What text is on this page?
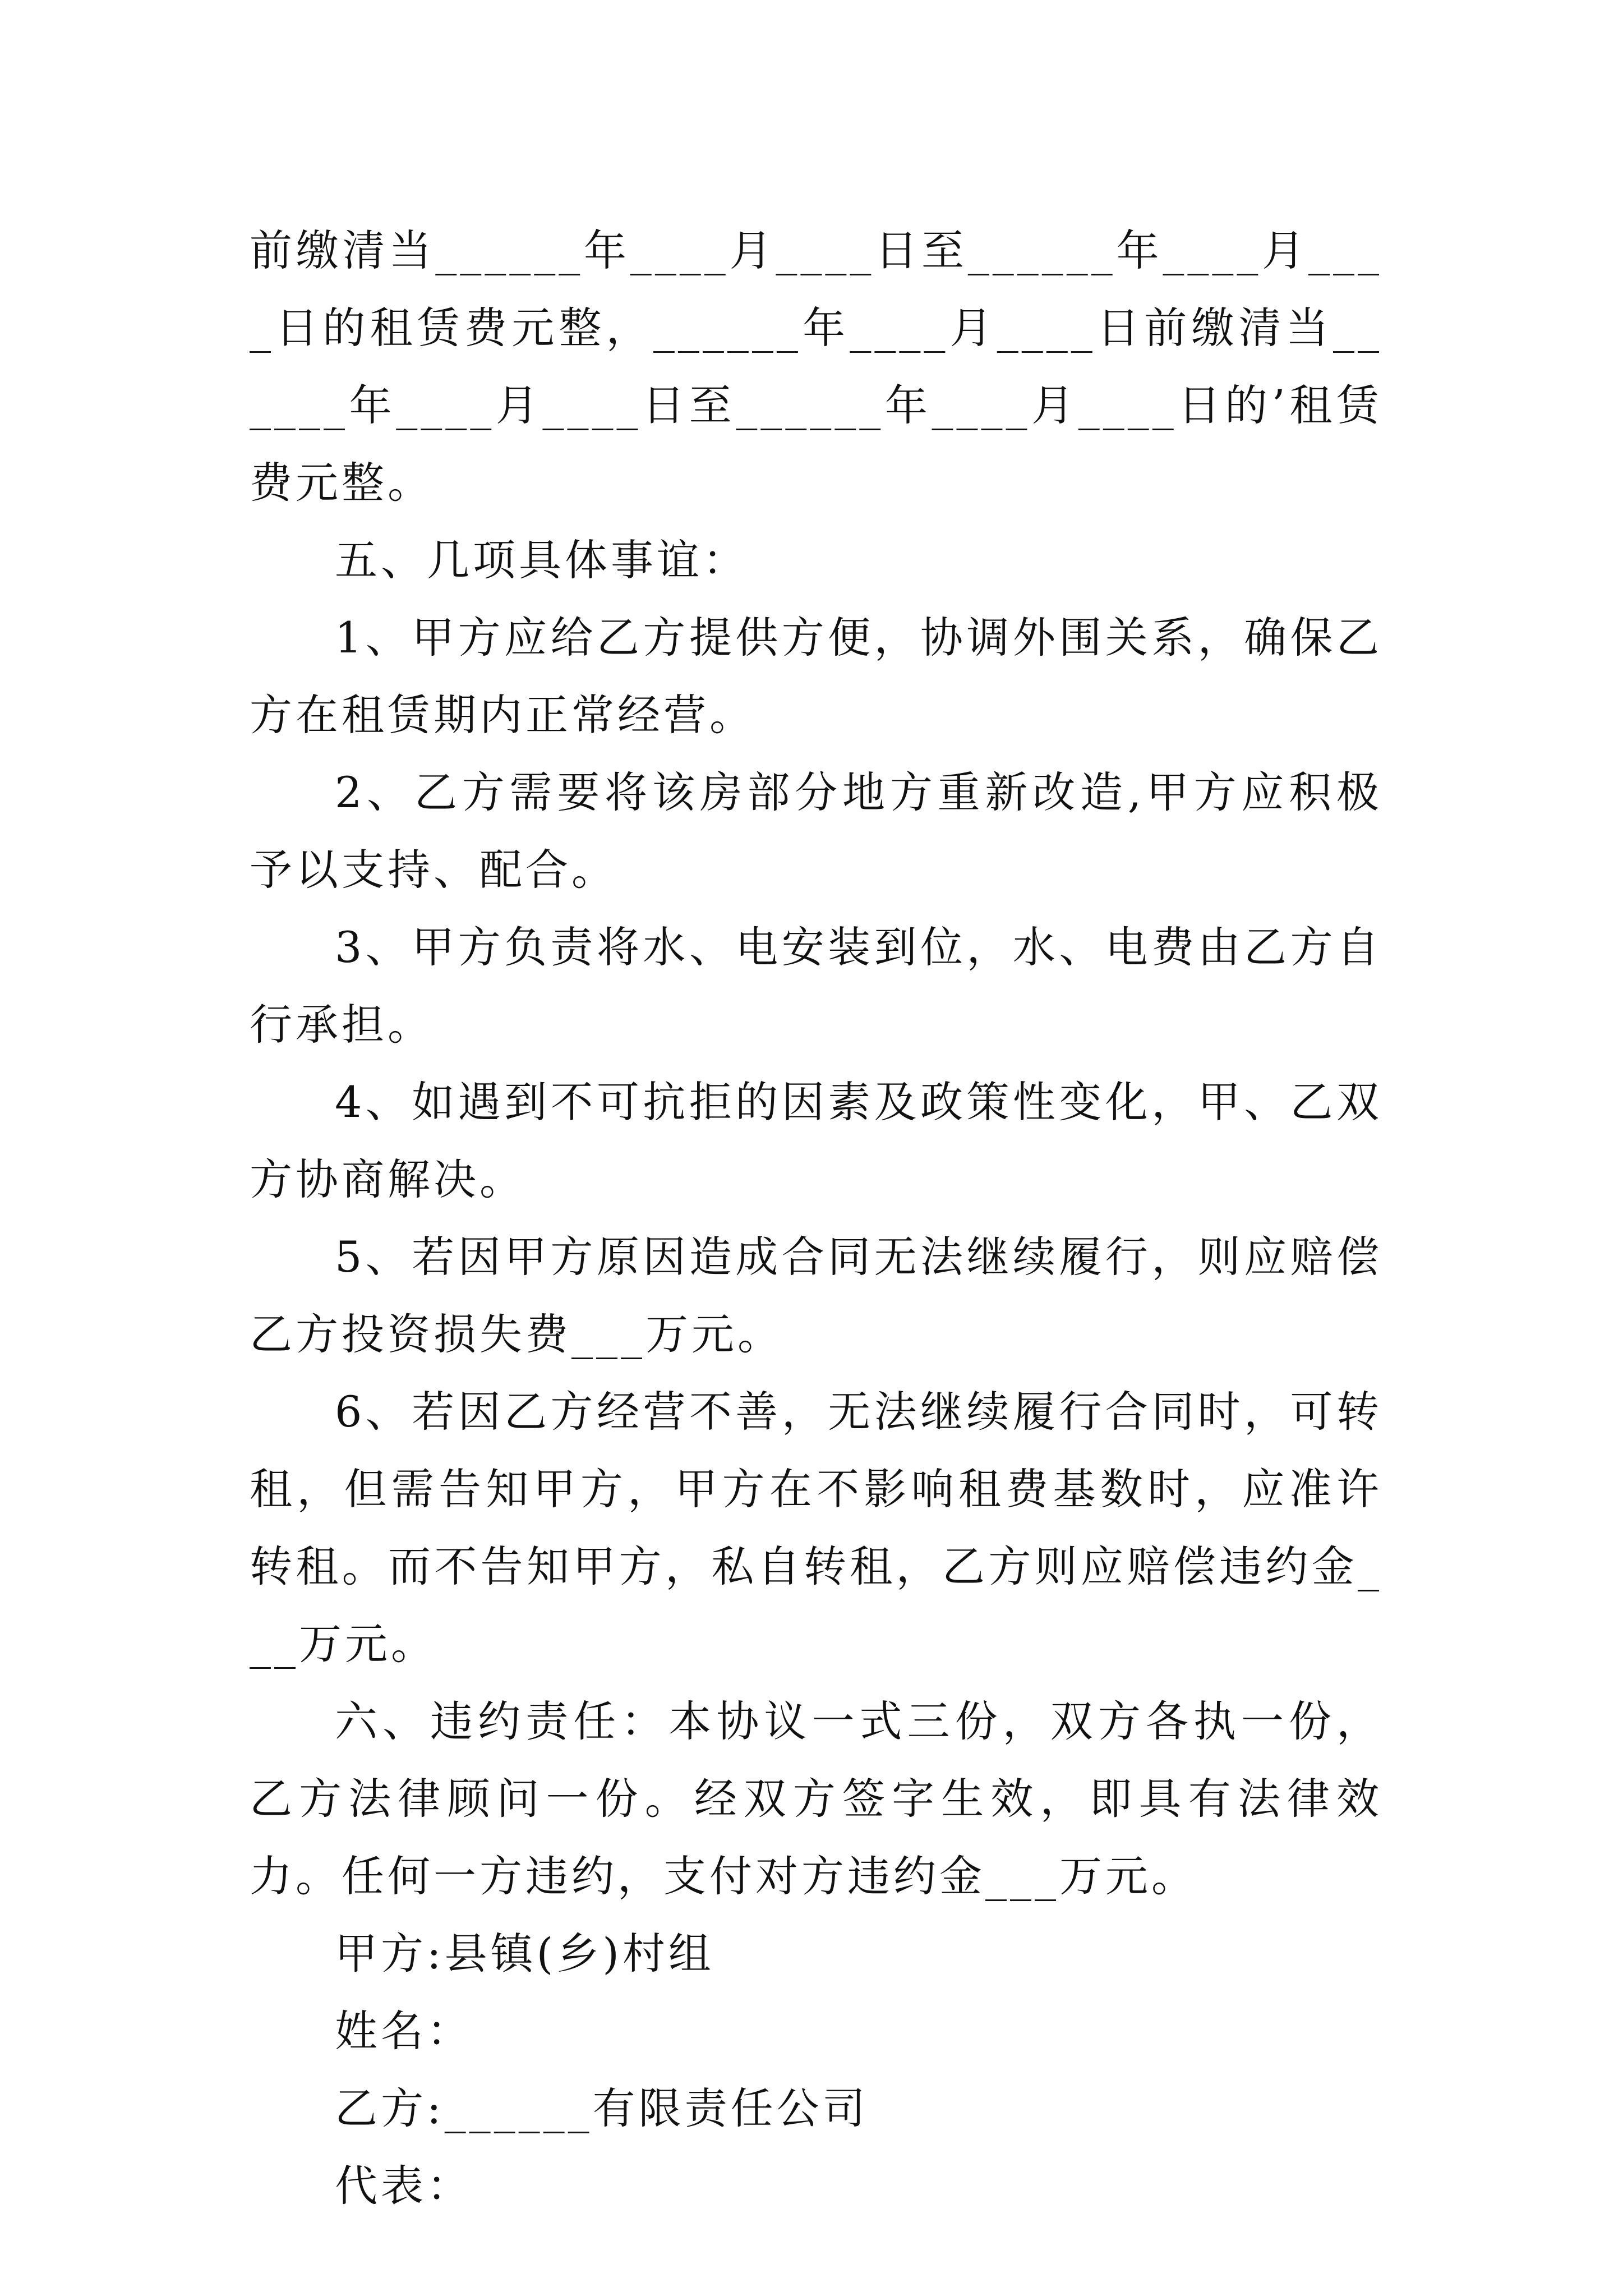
前缴清当______年____月____日至______年____月____日的租赁费元整，______年____月____日前缴清当______年____月____日至______年____月____日的’租赁费元整。

五、几项具体事谊：

1、甲方应给乙方提供方便，协调外围关系，确保乙方在租赁期内正常经营。

2、乙方需要将该房部分地方重新改造,甲方应积极予以支持、配合。

3、甲方负责将水、电安装到位，水、电费由乙方自行承担。

4、如遇到不可抗拒的因素及政策性变化，甲、乙双方协商解决。

5、若因甲方原因造成合同无法继续履行，则应赔偿乙方投资损失费___万元。

6、若因乙方经营不善，无法继续履行合同时，可转租，但需告知甲方，甲方在不影响租费基数时，应准许转租。而不告知甲方，私自转租，乙方则应赔偿违约金___万元。

六、违约责任：本协议一式三份，双方各执一份，乙方法律顾问一份。经双方签字生效，即具有法律效力。任何一方违约，支付对方违约金___万元。

甲方:县镇(乡)村组

姓名：

乙方:______有限责任公司

代表：
